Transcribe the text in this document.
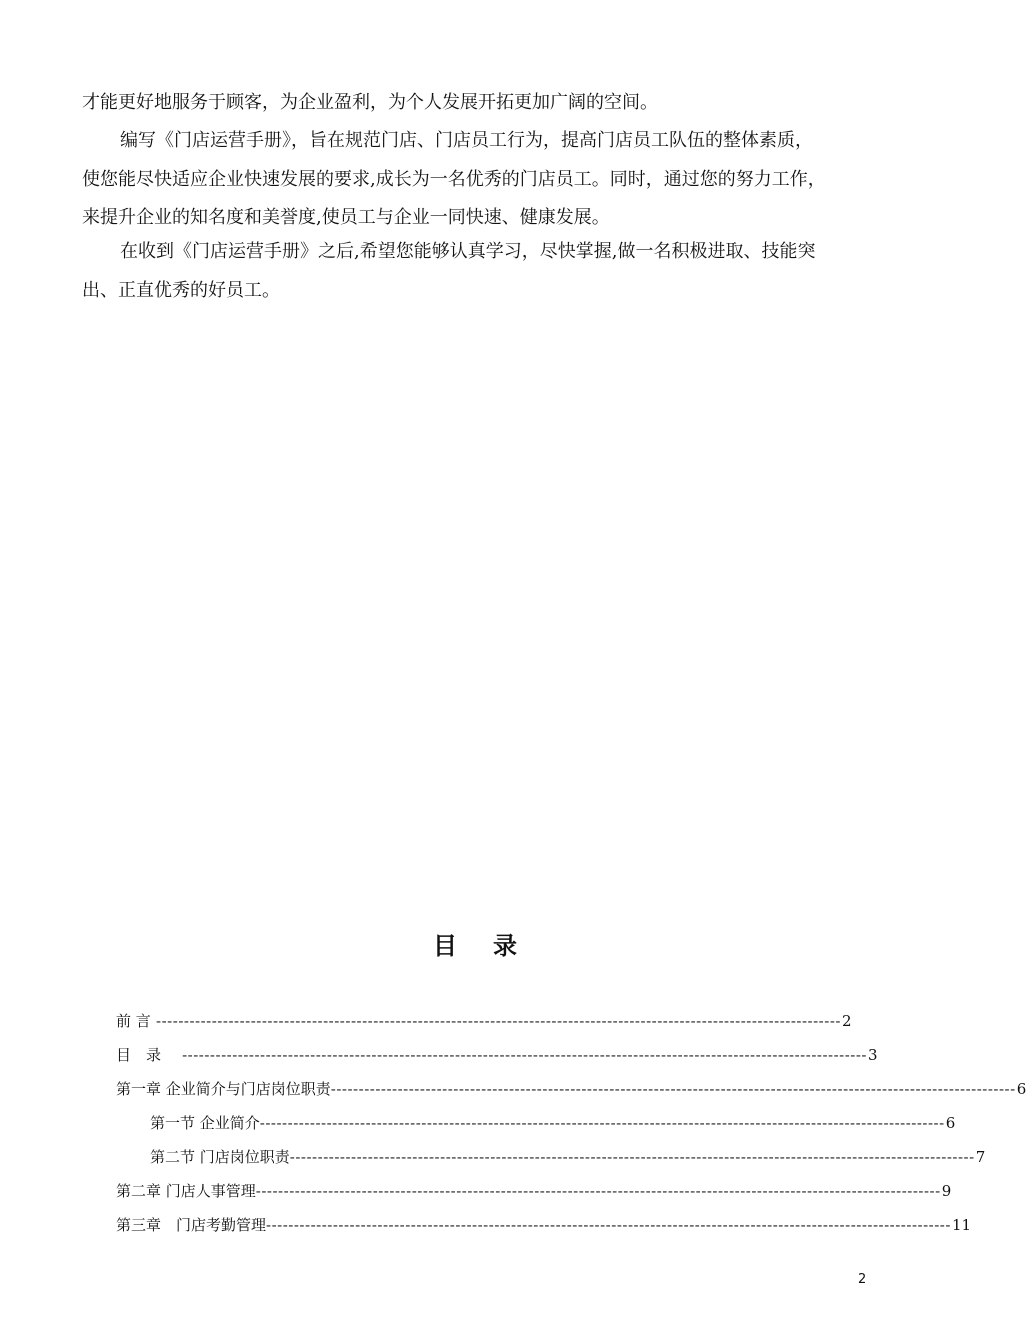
才能更好地服务于顾客，为企业盈利，为个人发展开拓更加广阔的空间。

编写《门店运营手册》，旨在规范门店、门店员工行为，提高门店员工队伍的整体素质，
使您能尽快适应企业快速发展的要求,成长为一名优秀的门店员工。同时，通过您的努力工作，
来提升企业的知名度和美誉度,使员工与企业一同快速、健康发展。

在收到《门店运营手册》之后,希望您能够认真学习，尽快掌握,做一名积极进取、技能突
出、正直优秀的好员工。

目录
前 言 --------------------------------------------------------------------------------------------------------------------------- 2
目　录 --------------------------------------------------------------------------------------------------------------------------- 3
第一章 企业简介与门店岗位职责 --------------------------------------------------------------------------------------------------------------------------- 6
第一节 企业简介 --------------------------------------------------------------------------------------------------------------------------- 6
第二节 门店岗位职责 --------------------------------------------------------------------------------------------------------------------------- 7
第二章 门店人事管理 --------------------------------------------------------------------------------------------------------------------------- 9
第三章　门店考勤管理 --------------------------------------------------------------------------------------------------------------------------- 11
2
